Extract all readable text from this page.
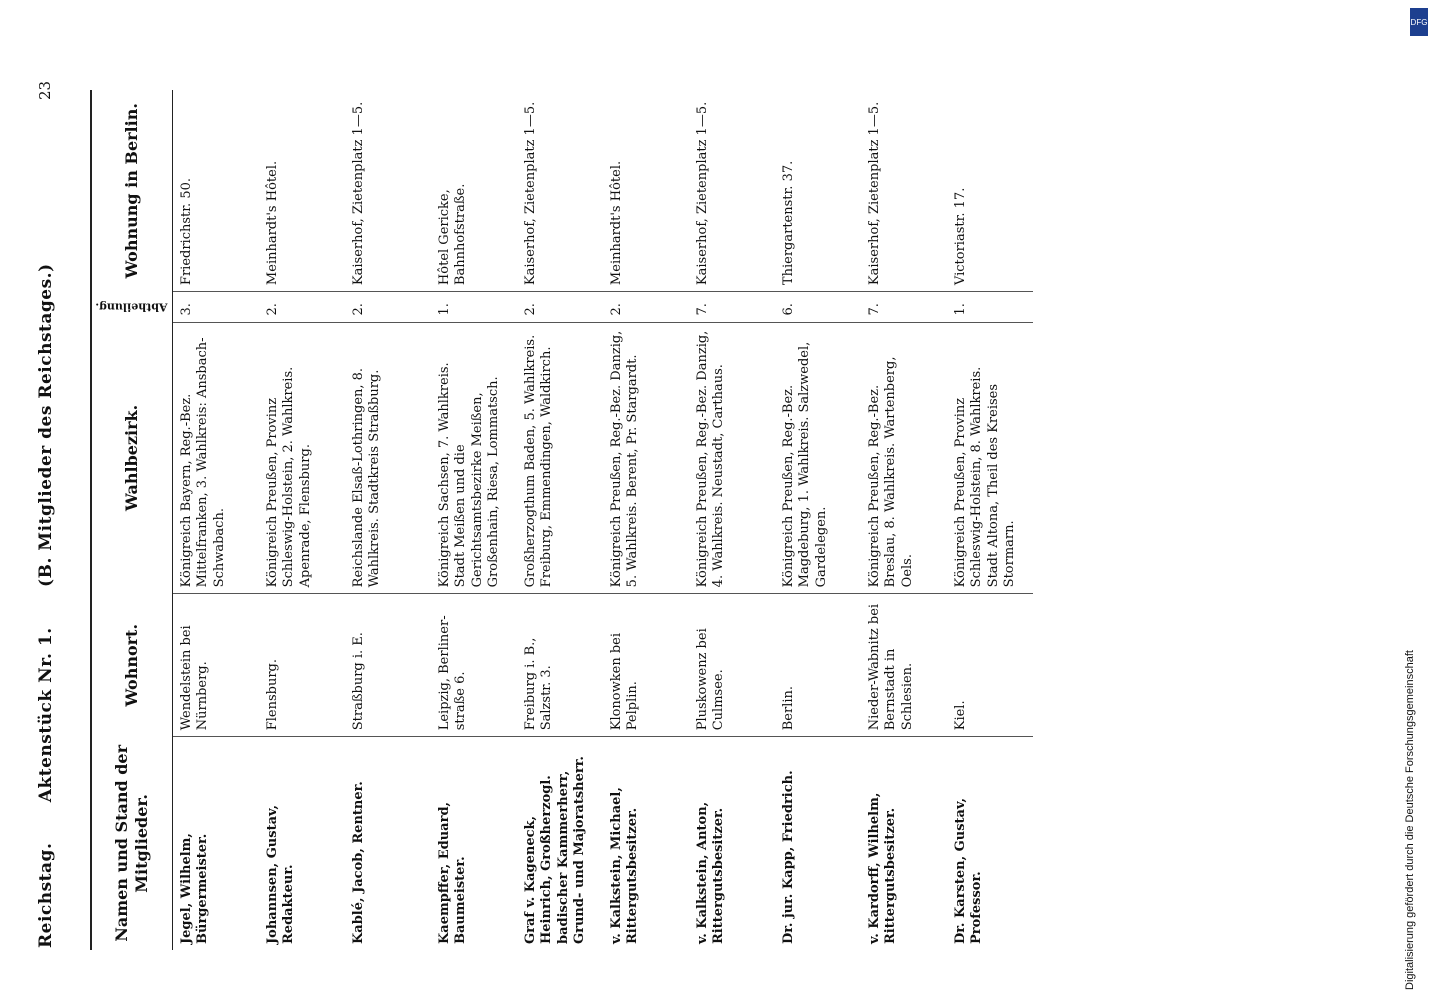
Reichstag. Aktenstück Nr. 1. (B. Mitglieder des Reichstages.)
23
Namen und Stand der Mitglieder.	Wohnort.	Wahlbezirk.	Abtheilung.	Wohnung in Berlin.
Jegel, Wilhelm, Bürgermeister.	Wendelstein bei Nürnberg.	Königreich Bayern, Reg.-Bez. Mittelfranken, 3. Wahlkreis: Ansbach-Schwabach.	3.	Friedrichstr. 50.
Johannsen, Gustav, Redakteur.	Flensburg.	Königreich Preußen, Provinz Schleswig-Holstein, 2. Wahlkreis. Apenrade, Flensburg.	2.	Meinhardt's Hôtel.
Kablé, Jacob, Rentner.	Straßburg i. E.	Reichslande Elsaß-Lothringen, 8. Wahlkreis. Stadtkreis Straßburg.	2.	Kaiserhof, Zietenplatz 1—5.
Kaempffer, Eduard, Baumeister.	Leipzig, Berliner-straße 6.	Königreich Sachsen, 7. Wahlkreis. Stadt Meißen und die Gerichtsamtsbezirke Meißen, Großenhain, Riesa, Lommatsch.	1.	Hôtel Gericke, Bahnhofstraße.
Graf v. Kageneck, Heinrich, Großherzogl. badischer Kammerherr, Grund- und Majoratsherr.	Freiburg i. B., Salzstr. 3.	Großherzogthum Baden, 5. Wahlkreis. Freiburg, Emmendingen, Waldkirch.	2.	Kaiserhof, Zietenplatz 1—5.
v. Kalkstein, Michael, Rittergutsbesitzer.	Klonowken bei Pelplin.	Königreich Preußen, Reg.-Bez. Danzig, 5. Wahlkreis. Berent, Pr. Stargardt.	2.	Meinhardt's Hôtel.
v. Kalkstein, Anton, Rittergutsbesitzer.	Pluskowenz bei Culmsee.	Königreich Preußen, Reg.-Bez. Danzig, 4. Wahlkreis. Neustadt, Carthaus.	7.	Kaiserhof, Zietenplatz 1—5.
Dr. jur. Kapp, Friedrich.	Berlin.	Königreich Preußen, Reg.-Bez. Magdeburg, 1. Wahlkreis. Salzwedel, Gardelegen.	6.	Thiergartenstr. 37.
v. Kardorff, Wilhelm, Rittergutsbesitzer.	Nieder-Wabnitz bei Bernstadt in Schlesien.	Königreich Preußen, Reg.-Bez. Breslau, 8. Wahlkreis. Wartenberg, Oels.	7.	Kaiserhof, Zietenplatz 1—5.
Dr. Karsten, Gustav, Professor.	Kiel.	Königreich Preußen, Provinz Schleswig-Holstein, 8. Wahlkreis. Stadt Altona, Theil des Kreises Stormarn.	1.	Victoriastr. 17.
Digitalisierung gefördert durch die Deutsche Forschungsgemeinschaft
DFG
